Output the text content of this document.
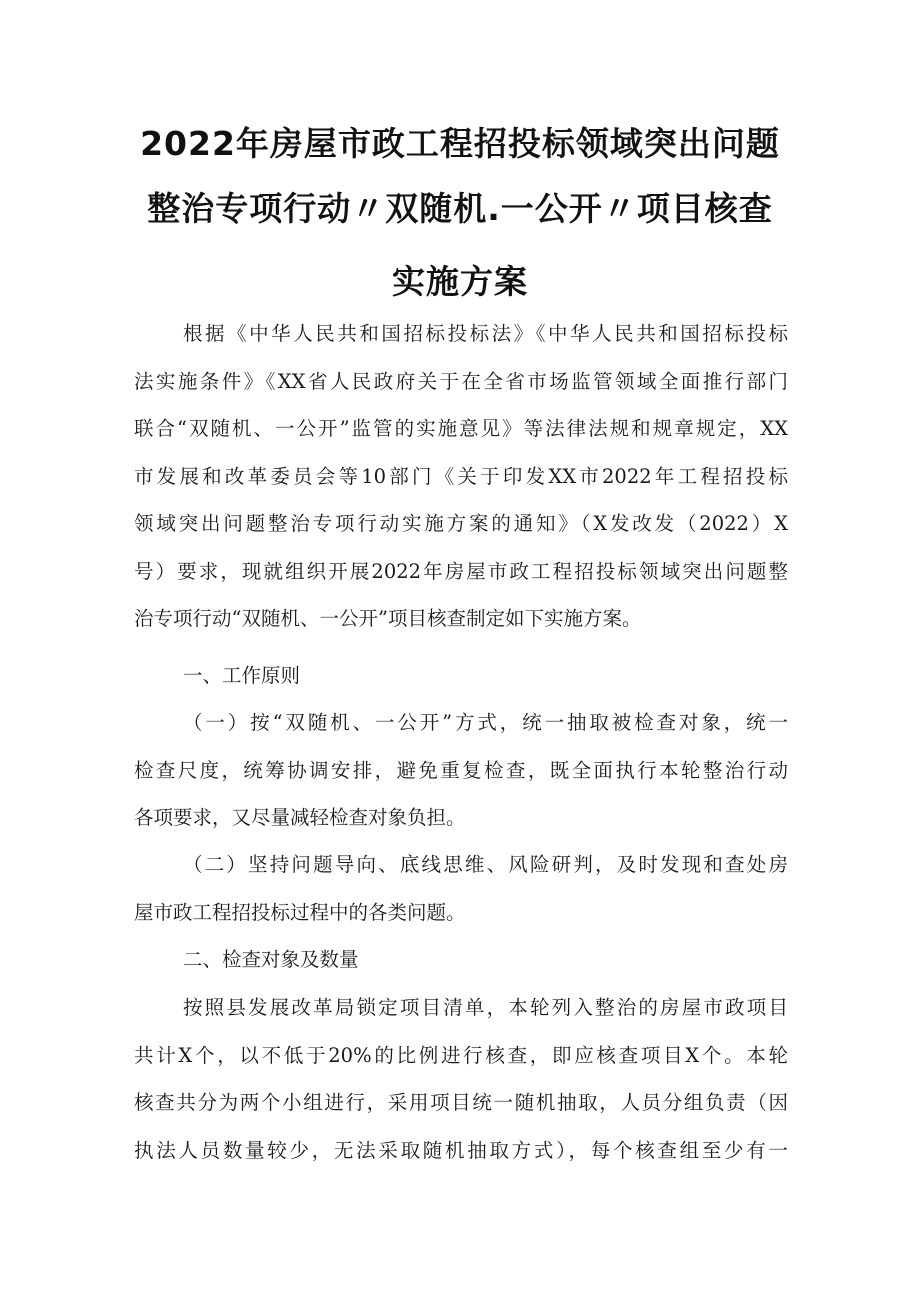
2022年房屋市政工程招投标领域突出问题
整治专项行动〃双随机.一公开〃项目核查
实施方案
根据《中华人民共和国招标投标法》《中华人民共和国招标投标
法实施条件》《XX省人民政府关于在全省市场监管领域全面推行部门
联合“双随机、一公开”监管的实施意见》等法律法规和规章规定，XX
市发展和改革委员会等10部门《关于印发XX市2022年工程招投标
领域突出问题整治专项行动实施方案的通知》（X发改发（2022）X
号）要求，现就组织开展2022年房屋市政工程招投标领域突出问题整
治专项行动“双随机、一公开”项目核查制定如下实施方案。
一、工作原则
（一）按“双随机、一公开”方式，统一抽取被检查对象，统一
检查尺度，统筹协调安排，避免重复检查，既全面执行本轮整治行动
各项要求，又尽量减轻检查对象负担。
（二）坚持问题导向、底线思维、风险研判，及时发现和查处房
屋市政工程招投标过程中的各类问题。
二、检查对象及数量
按照县发展改革局锁定项目清单，本轮列入整治的房屋市政项目
共计X个，以不低于20%的比例进行核查，即应核查项目X个。本轮
核查共分为两个小组进行，采用项目统一随机抽取，人员分组负责（因
执法人员数量较少，无法采取随机抽取方式），每个核查组至少有一
